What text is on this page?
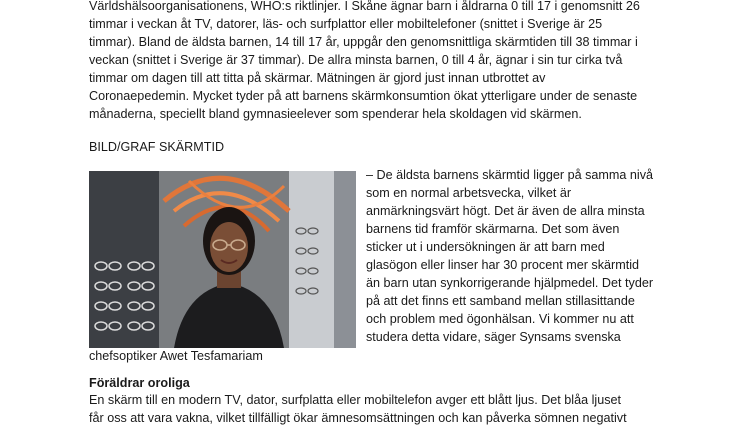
Världshälsoorganisationens, WHO:s riktlinjer. I Skåne ägnar barn i åldrarna 0 till 17 i genomsnitt 26
timmar i veckan åt TV, datorer, läs- och surfplattor eller mobiltelefoner (snittet i Sverige är 25
timmar). Bland de äldsta barnen, 14 till 17 år, uppgår den genomsnittliga skärmtiden till 38 timmar i
veckan (snittet i Sverige är 37 timmar). De allra minsta barnen, 0 till 4 år, ägnar i sin tur cirka två
timmar om dagen till att titta på skärmar. Mätningen är gjord just innan utbrottet av
Coronaepedemin. Mycket tyder på att barnens skärmkonsumtion ökat ytterligare under de senaste
månaderna, speciellt bland gymnasieelever som spenderar hela skoldagen vid skärmen.
BILD/GRAF SKÄRMTID
chefsoptiker Awet Tesfamariam
– De äldsta barnens skärmtid ligger på samma nivå
som en normal arbetsvecka, vilket är
anmärkningsvärt högt. Det är även de allra minsta
barnens tid framför skärmarna. Det som även
sticker ut i undersökningen är att barn med
glasögon eller linser har 30 procent mer skärmtid
än barn utan synkorrigerande hjälpmedel. Det tyder
på att det finns ett samband mellan stillasittande
och problem med ögonhälsan. Vi kommer nu att
studera detta vidare, säger Synsams svenska
Föräldrar oroliga
En skärm till en modern TV, dator, surfplatta eller mobiltelefon avger ett blått ljus. Det blåa ljuset
får oss att vara vakna, vilket tillfälligt ökar ämnesomsättningen och kan påverka sömnen negativt
